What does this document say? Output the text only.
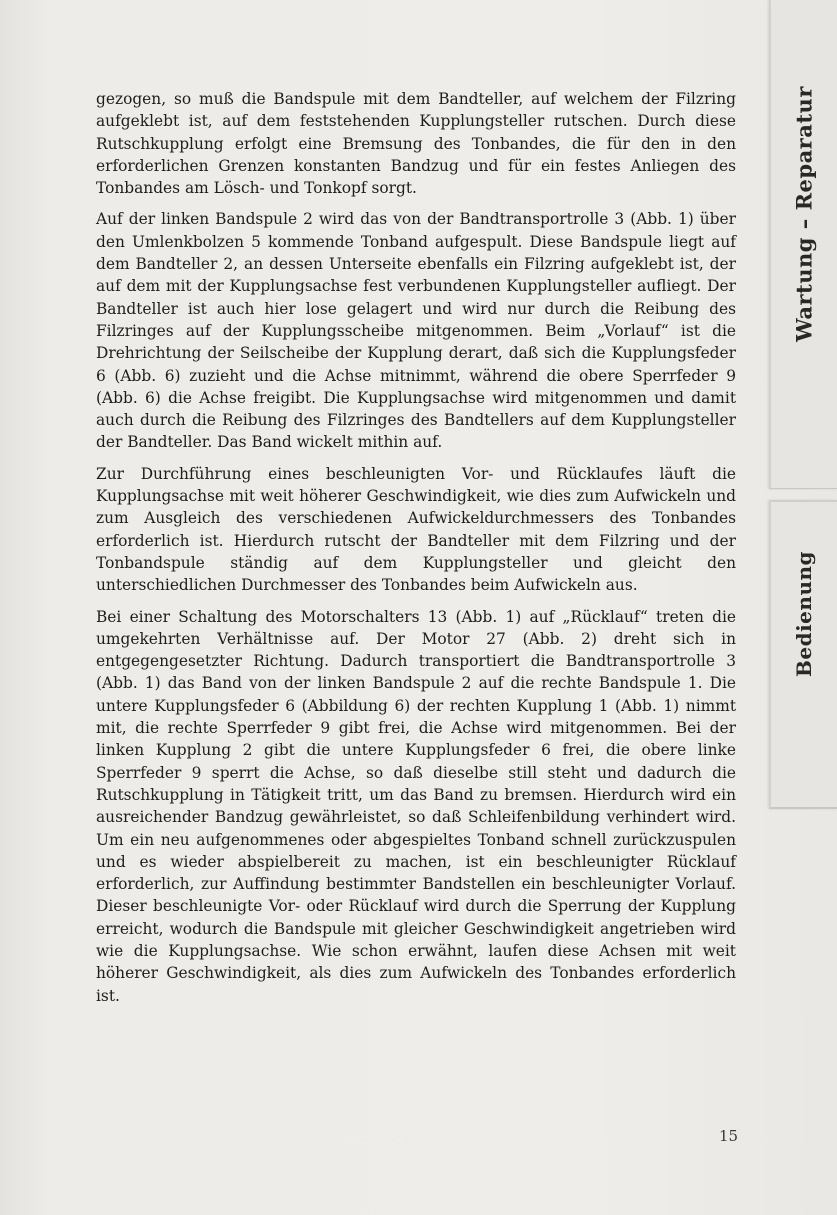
Wartung – Reparatur
Bedienung

gezogen, so muß die Bandspule mit dem Bandteller, auf welchem der Filzring aufgeklebt ist, auf dem feststehenden Kupplungsteller rutschen. Durch diese Rutschkupplung erfolgt eine Bremsung des Tonbandes, die für den in den erforderlichen Grenzen konstanten Bandzug und für ein festes Anliegen des Tonbandes am Lösch- und Tonkopf sorgt.

Auf der linken Bandspule 2 wird das von der Bandtransportrolle 3 (Abb. 1) über den Umlenkbolzen 5 kommende Tonband aufgespult. Diese Bandspule liegt auf dem Bandteller 2, an dessen Unterseite ebenfalls ein Filzring aufgeklebt ist, der auf dem mit der Kupplungsachse fest verbundenen Kupplungsteller aufliegt. Der Bandteller ist auch hier lose gelagert und wird nur durch die Reibung des Filzringes auf der Kupplungsscheibe mitgenommen. Beim „Vorlauf“ ist die Drehrichtung der Seilscheibe der Kupplung derart, daß sich die Kupplungsfeder 6 (Abb. 6) zuzieht und die Achse mitnimmt, während die obere Sperrfeder 9 (Abb. 6) die Achse freigibt. Die Kupplungsachse wird mitgenommen und damit auch durch die Reibung des Filzringes des Bandtellers auf dem Kupplungsteller der Bandteller. Das Band wickelt mithin auf.

Zur Durchführung eines beschleunigten Vor- und Rücklaufes läuft die Kupplungsachse mit weit höherer Geschwindigkeit, wie dies zum Aufwickeln und zum Ausgleich des verschiedenen Aufwickeldurchmessers des Tonbandes erforderlich ist. Hierdurch rutscht der Bandteller mit dem Filzring und der Tonbandspule ständig auf dem Kupplungsteller und gleicht den unterschiedlichen Durchmesser des Tonbandes beim Aufwickeln aus.

Bei einer Schaltung des Motorschalters 13 (Abb. 1) auf „Rücklauf“ treten die umgekehrten Verhältnisse auf. Der Motor 27 (Abb. 2) dreht sich in entgegengesetzter Richtung. Dadurch transportiert die Bandtransportrolle 3 (Abb. 1) das Band von der linken Bandspule 2 auf die rechte Bandspule 1. Die untere Kupplungsfeder 6 (Abbildung 6) der rechten Kupplung 1 (Abb. 1) nimmt mit, die rechte Sperrfeder 9 gibt frei, die Achse wird mitgenommen. Bei der linken Kupplung 2 gibt die untere Kupplungsfeder 6 frei, die obere linke Sperrfeder 9 sperrt die Achse, so daß dieselbe still steht und dadurch die Rutschkupplung in Tätigkeit tritt, um das Band zu bremsen. Hierdurch wird ein ausreichender Bandzug gewährleistet, so daß Schleifenbildung verhindert wird. Um ein neu aufgenommenes oder abgespieltes Tonband schnell zurückzuspulen und es wieder abspielbereit zu machen, ist ein beschleunigter Rücklauf erforderlich, zur Auffindung bestimmter Bandstellen ein beschleunigter Vorlauf. Dieser beschleunigte Vor- oder Rücklauf wird durch die Sperrung der Kupplung erreicht, wodurch die Bandspule mit gleicher Geschwindigkeit angetrieben wird wie die Kupplungsachse. Wie schon erwähnt, laufen diese Achsen mit weit höherer Geschwindigkeit, als dies zum Aufwickeln des Tonbandes erforderlich ist.

15
